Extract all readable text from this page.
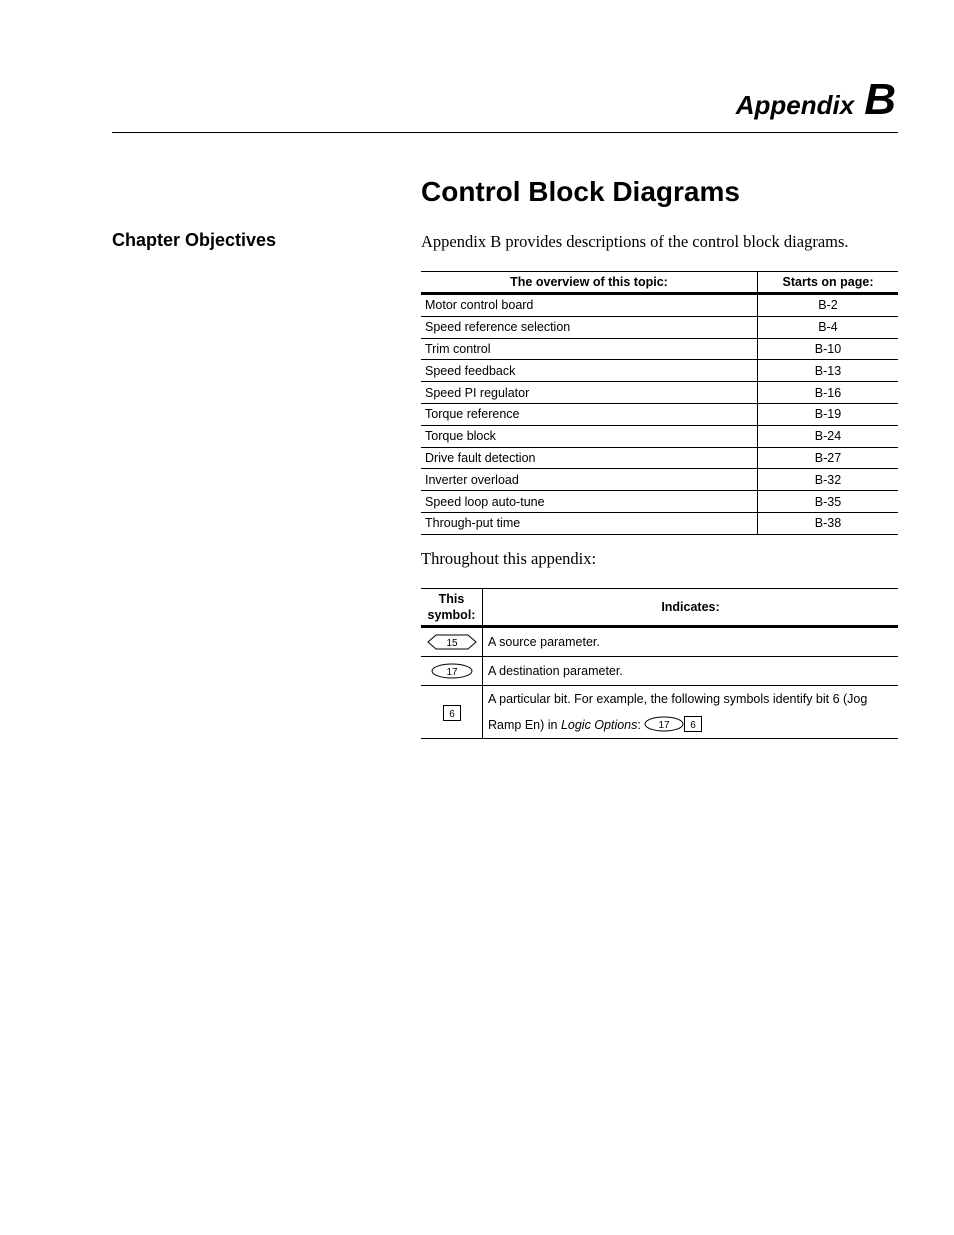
Appendix B
Control Block Diagrams
Chapter Objectives	Appendix B provides descriptions of the control block diagrams.

The overview of this topic:	Starts on page:
Motor control board	B-2
Speed reference selection	B-4
Trim control	B-10
Speed feedback	B-13
Speed PI regulator	B-16
Torque reference	B-19
Torque block	B-24
Drive fault detection	B-27
Inverter overload	B-32
Speed loop auto-tune	B-35
Through-put time	B-38

Throughout this appendix:

This
symbol:	Indicates:

15	A source parameter.

17	A destination parameter.

6	A particular bit. For example, the following symbols identify bit 6 (Jog Ramp En) in Logic Options: 17 6
